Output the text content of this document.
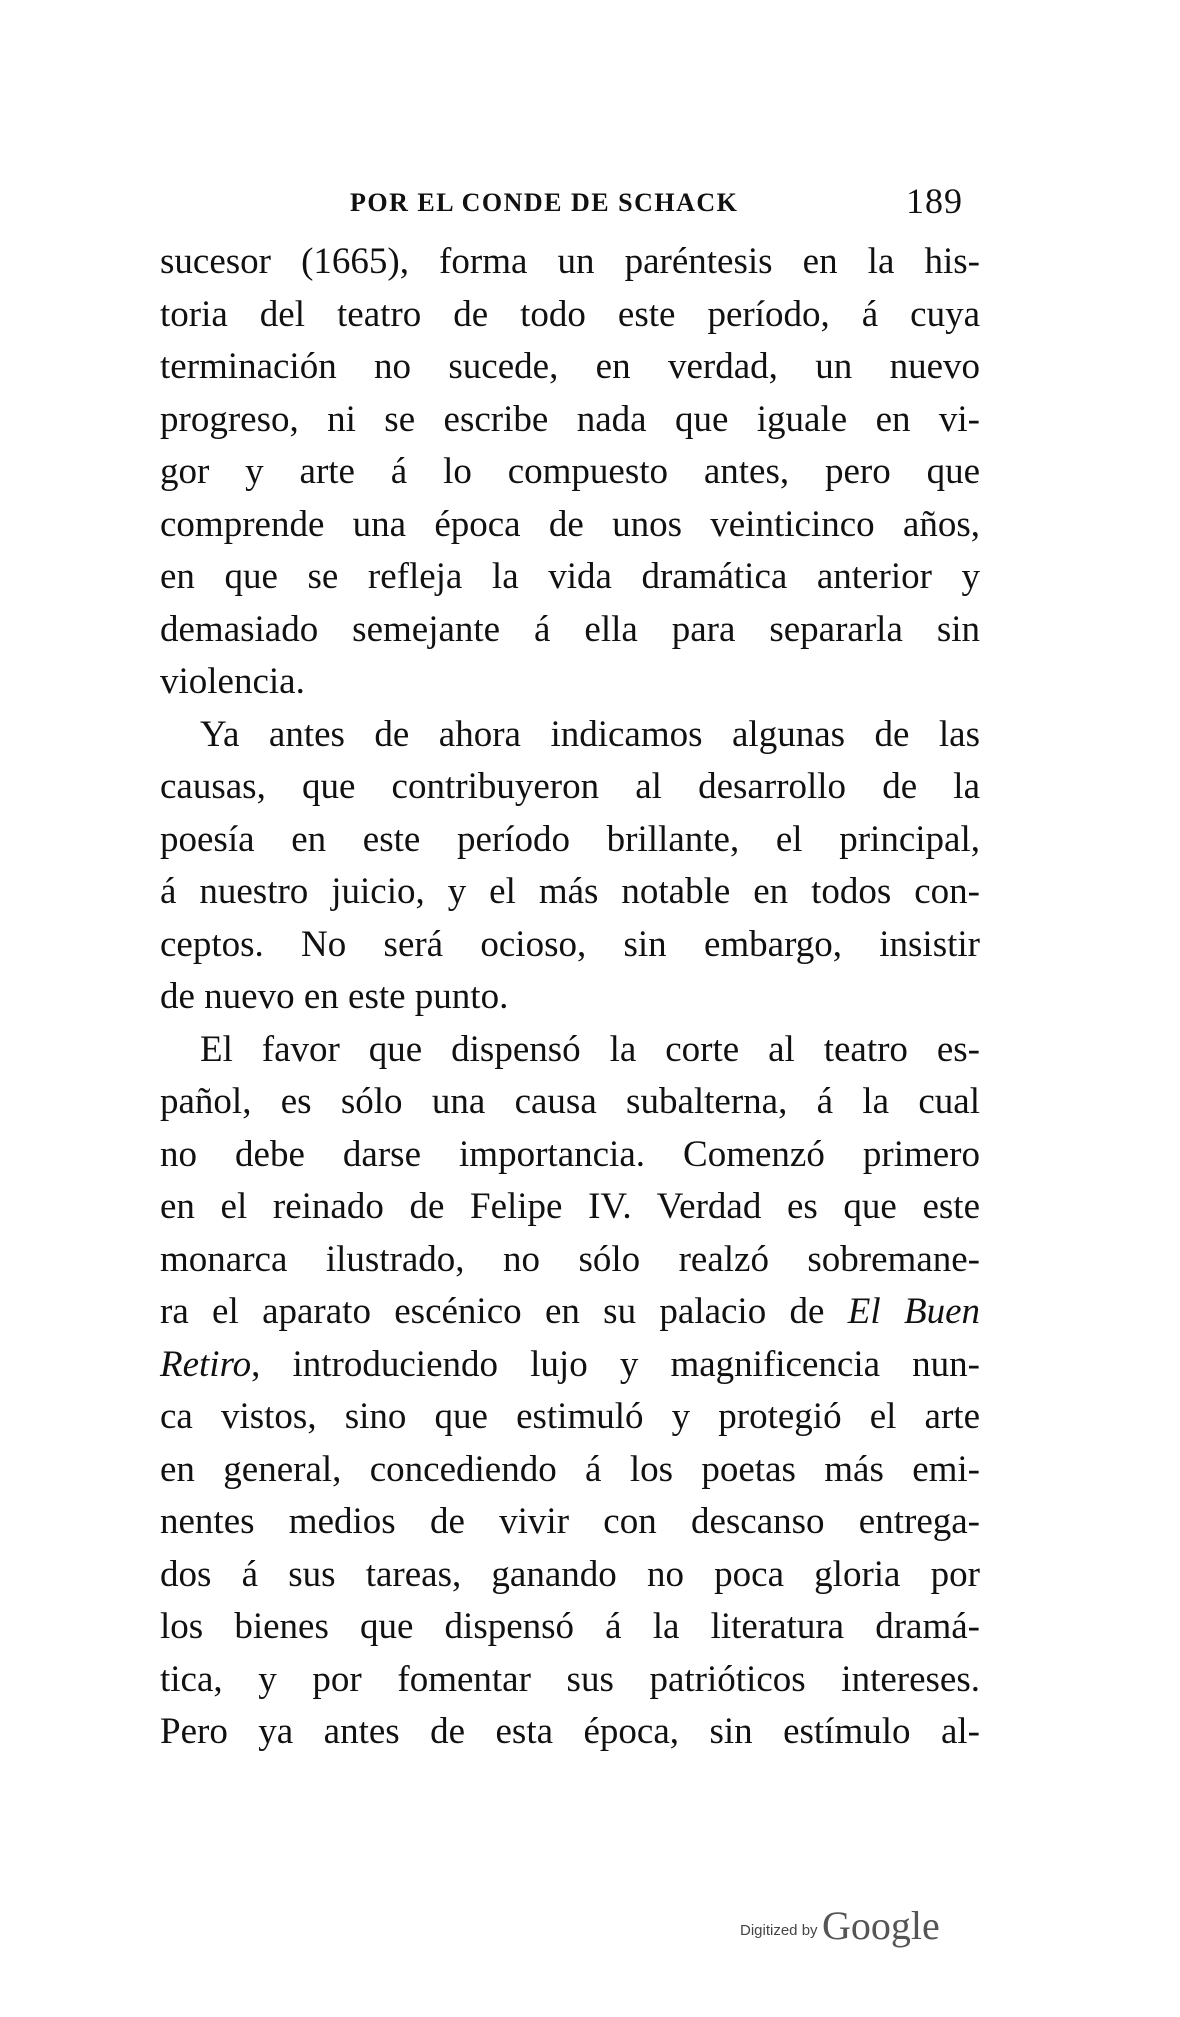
POR EL CONDE DE SCHACK	189
sucesor (1665), forma un paréntesis en la his-
toria del teatro de todo este período, á cuya
terminación no sucede, en verdad, un nuevo
progreso, ni se escribe nada que iguale en vi-
gor y arte á lo compuesto antes, pero que
comprende una época de unos veinticinco años,
en que se refleja la vida dramática anterior y
demasiado semejante á ella para separarla sin
violencia.
Ya antes de ahora indicamos algunas de las
causas, que contribuyeron al desarrollo de la
poesía en este período brillante, el principal,
á nuestro juicio, y el más notable en todos con-
ceptos. No será ocioso, sin embargo, insistir
de nuevo en este punto.
El favor que dispensó la corte al teatro es-
pañol, es sólo una causa subalterna, á la cual
no debe darse importancia. Comenzó primero
en el reinado de Felipe IV. Verdad es que este
monarca ilustrado, no sólo realzó sobremane-
ra el aparato escénico en su palacio de El Buen
Retiro, introduciendo lujo y magnificencia nun-
ca vistos, sino que estimuló y protegió el arte
en general, concediendo á los poetas más emi-
nentes medios de vivir con descanso entrega-
dos á sus tareas, ganando no poca gloria por
los bienes que dispensó á la literatura dramá-
tica, y por fomentar sus patrióticos intereses.
Pero ya antes de esta época, sin estímulo al-
Digitized by Google
